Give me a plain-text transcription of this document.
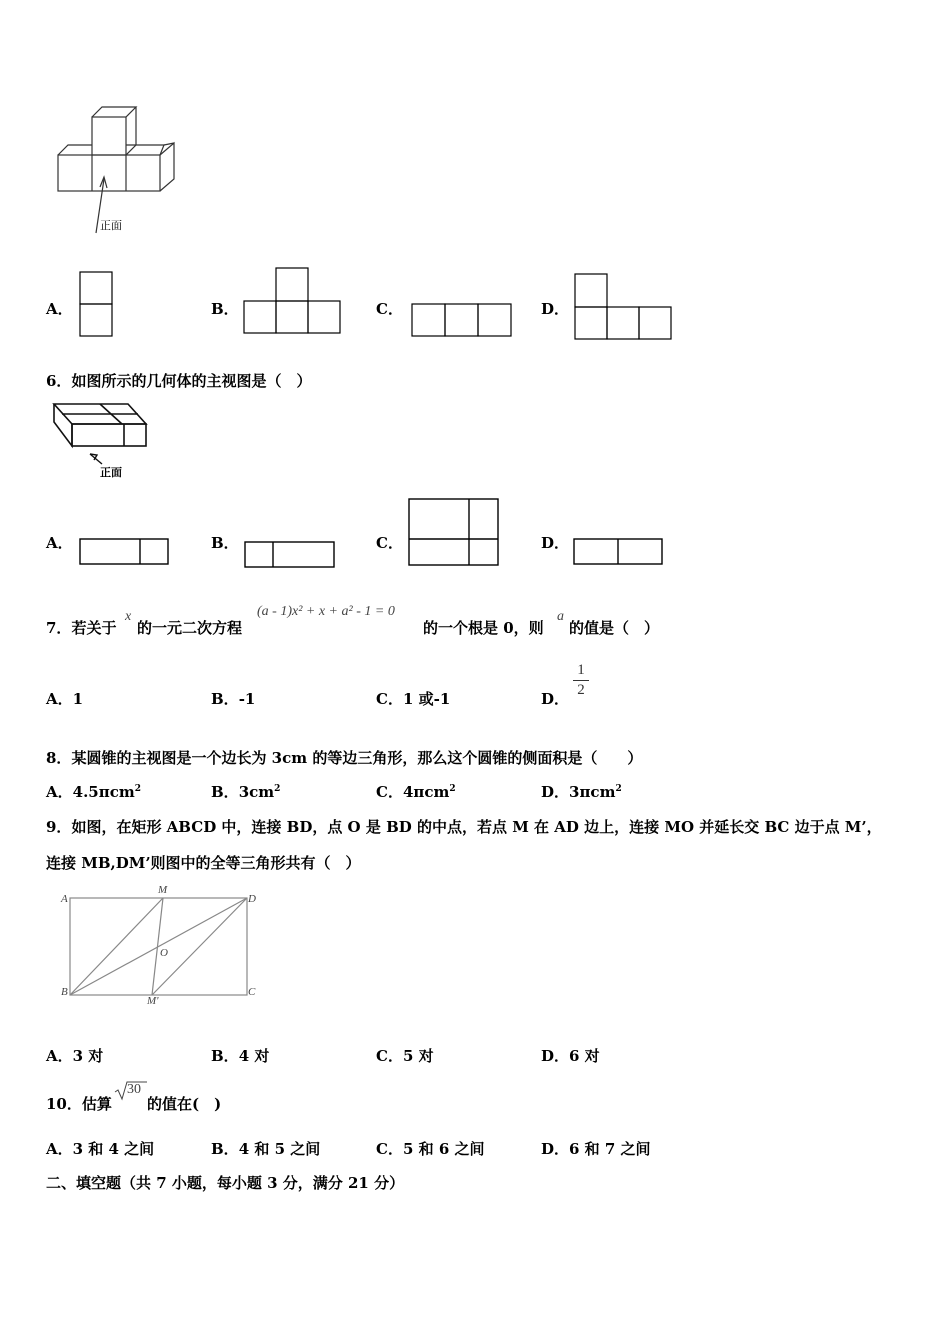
正面
A．	B．	C．	D．
6．如图所示的几何体的主视图是（　）
正面
A．	B．	C．	D．
7．若关于
x
的一元二次方程
(a - 1)x² + x + a² - 1 = 0
的一个根是 0，则
a
的值是（　）
A．1	B．-1	C．1 或-1	D．
1
2
8．某圆锥的主视图是一个边长为 3cm 的等边三角形，那么这个圆锥的侧面积是（　　）
A．4.5πcm$^2$	B．$3cm^2$	C．4πcm$^2$	D．3πcm$^2$
9．如图，在矩形 ABCD 中，连接 BD，点 O 是 BD 的中点，若点 M 在 AD 边上，连接 MO 并延长交 BC 边于点 M’，
连接 MB,DM’则图中的全等三角形共有（　）
A
M
D
O
B
M'
C
A．3 对	B．4 对	C．5 对	D．6 对
10．估算
30
的值在(　)
A．3 和 4 之间	B．4 和 5 之间	C．5 和 6 之间	D．6 和 7 之间
二、填空题（共 7 小题，每小题 3 分，满分 21 分）
